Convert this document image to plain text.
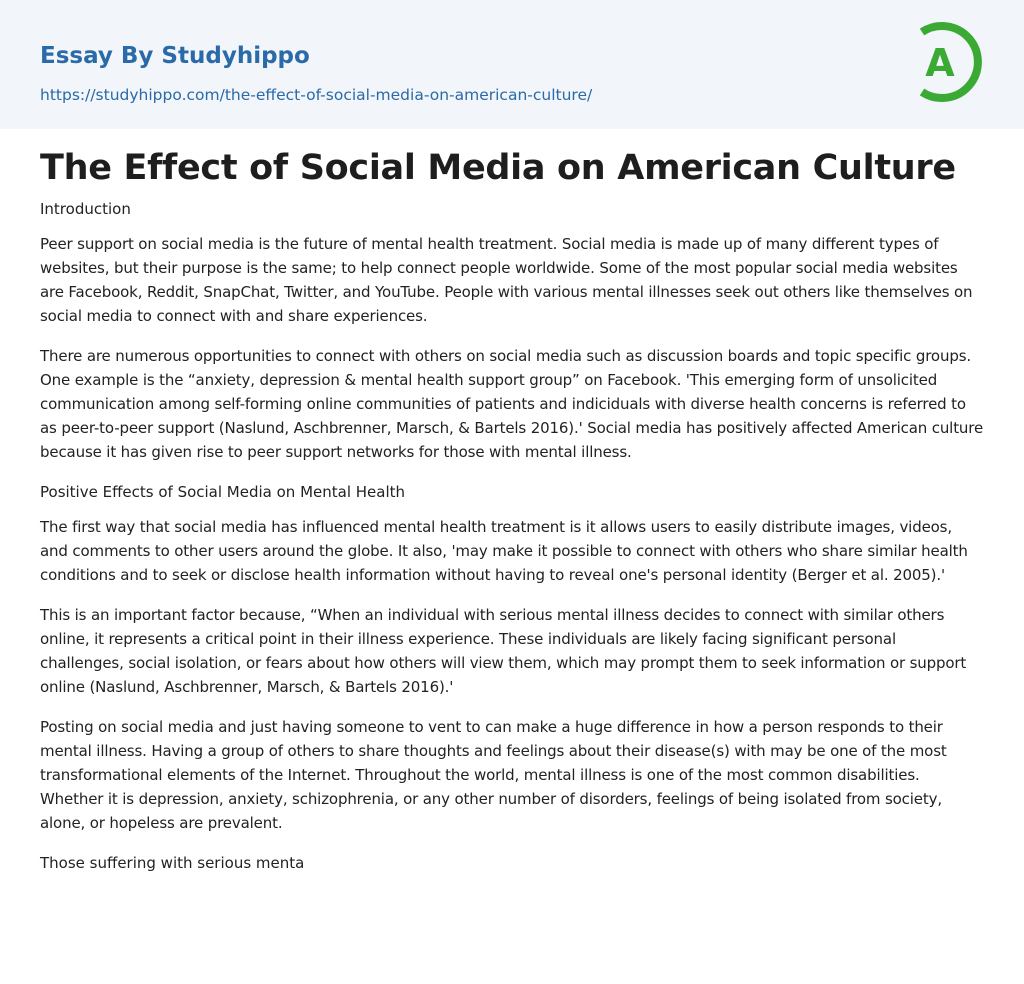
Essay By Studyhippo
https://studyhippo.com/the-effect-of-social-media-on-american-culture/
A
The Effect of Social Media on American Culture

Introduction

Peer support on social media is the future of mental health treatment. Social media is made up of many different types of websites, but their purpose is the same; to help connect people worldwide. Some of the most popular social media websites are Facebook, Reddit, SnapChat, Twitter, and YouTube. People with various mental illnesses seek out others like themselves on social media to connect with and share experiences.

There are numerous opportunities to connect with others on social media such as discussion boards and topic specific groups. One example is the “anxiety, depression & mental health support group” on Facebook. 'This emerging form of unsolicited communication among self-forming online communities of patients and indiciduals with diverse health concerns is referred to as peer-to-peer support (Naslund, Aschbrenner, Marsch, & Bartels 2016).' Social media has positively affected American culture because it has given rise to peer support networks for those with mental illness.

Positive Effects of Social Media on Mental Health

The first way that social media has influenced mental health treatment is it allows users to easily distribute images, videos, and comments to other users around the globe. It also, 'may make it possible to connect with others who share similar health conditions and to seek or disclose health information without having to reveal one's personal identity (Berger et al. 2005).'

This is an important factor because, “When an individual with serious mental illness decides to connect with similar others online, it represents a critical point in their illness experience. These individuals are likely facing significant personal challenges, social isolation, or fears about how others will view them, which may prompt them to seek information or support online (Naslund, Aschbrenner, Marsch, & Bartels 2016).'

Posting on social media and just having someone to vent to can make a huge difference in how a person responds to their mental illness. Having a group of others to share thoughts and feelings about their disease(s) with may be one of the most transformational elements of the Internet. Throughout the world, mental illness is one of the most common disabilities. Whether it is depression, anxiety, schizophrenia, or any other number of disorders, feelings of being isolated from society, alone, or hopeless are prevalent.

Those suffering with serious menta
